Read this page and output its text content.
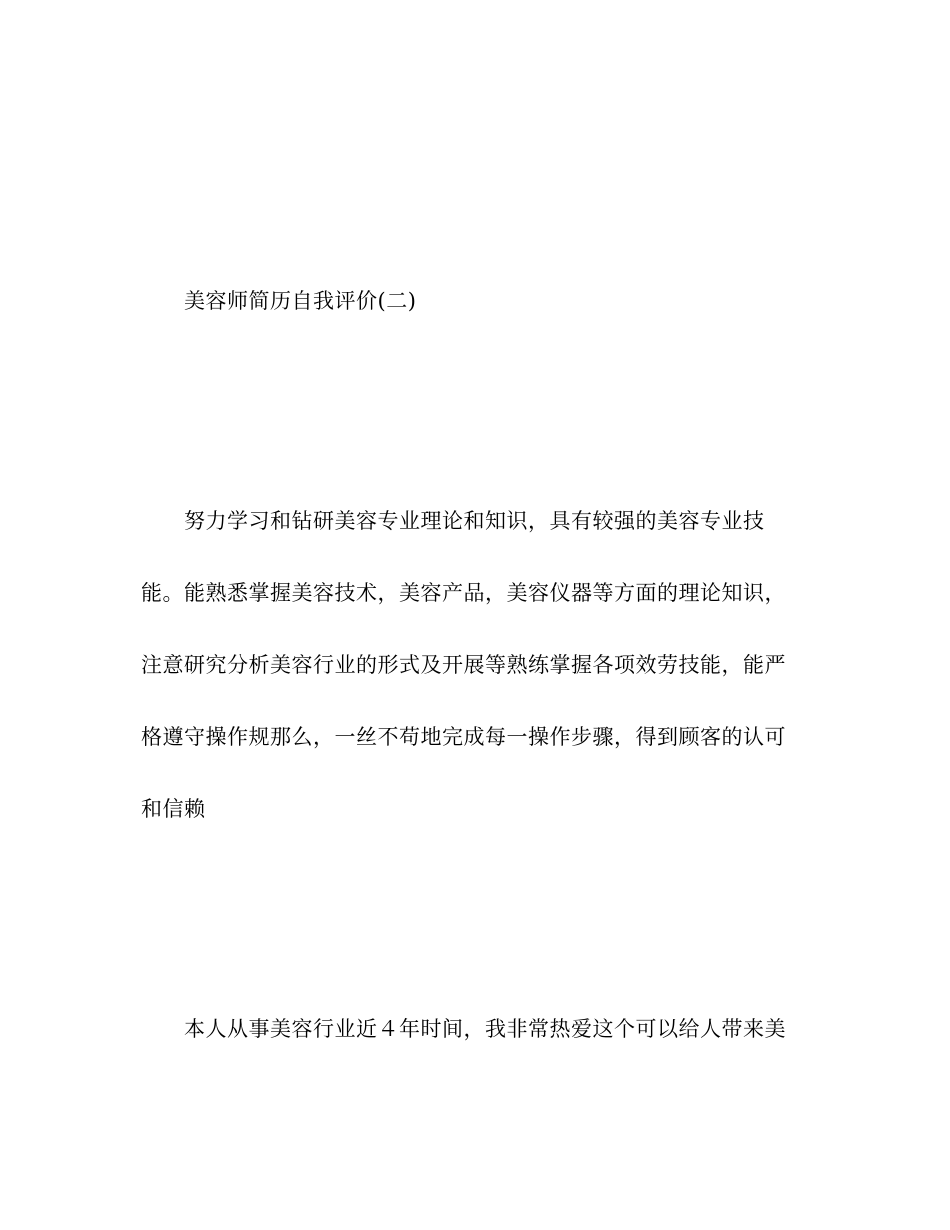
美容师简历自我评价(二)
努力学习和钻研美容专业理论和知识，具有较强的美容专业技
能。能熟悉掌握美容技术，美容产品，美容仪器等方面的理论知识，
注意研究分析美容行业的形式及开展等熟练掌握各项效劳技能，能严
格遵守操作规那么，一丝不苟地完成每一操作步骤，得到顾客的认可
和信赖
本人从事美容行业近４年时间，我非常热爱这个可以给人带来美
